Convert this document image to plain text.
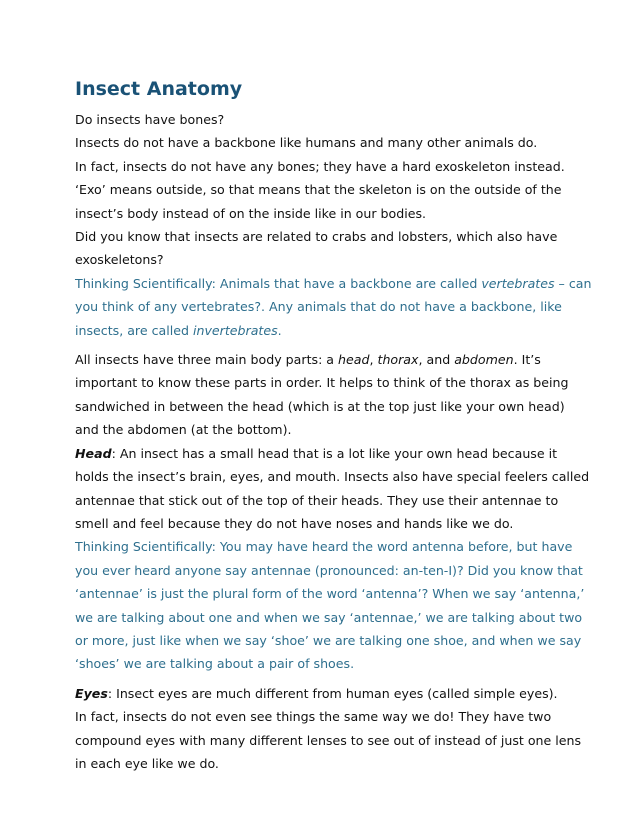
Insect Anatomy
Do insects have bones?
Insects do not have a backbone like humans and many other animals do.
In fact, insects do not have any bones; they have a hard exoskeleton instead.
‘Exo’ means outside, so that means that the skeleton is on the outside of the
insect’s body instead of on the inside like in our bodies.
Did you know that insects are related to crabs and lobsters, which also have
exoskeletons?
Thinking Scientifically: Animals that have a backbone are called vertebrates – can
you think of any vertebrates?. Any animals that do not have a backbone, like
insects, are called invertebrates.
All insects have three main body parts: a head, thorax, and abdomen. It’s
important to know these parts in order. It helps to think of the thorax as being
sandwiched in between the head (which is at the top just like your own head)
and the abdomen (at the bottom).
Head: An insect has a small head that is a lot like your own head because it
holds the insect’s brain, eyes, and mouth. Insects also have special feelers called
antennae that stick out of the top of their heads. They use their antennae to
smell and feel because they do not have noses and hands like we do.
Thinking Scientifically: You may have heard the word antenna before, but have
you ever heard anyone say antennae (pronounced: an-ten-I)? Did you know that
‘antennae’ is just the plural form of the word ‘antenna’? When we say ‘antenna,’
we are talking about one and when we say ‘antennae,’ we are talking about two
or more, just like when we say ‘shoe’ we are talking one shoe, and when we say
‘shoes’ we are talking about a pair of shoes.
Eyes: Insect eyes are much different from human eyes (called simple eyes).
In fact, insects do not even see things the same way we do! They have two
compound eyes with many different lenses to see out of instead of just one lens
in each eye like we do.
